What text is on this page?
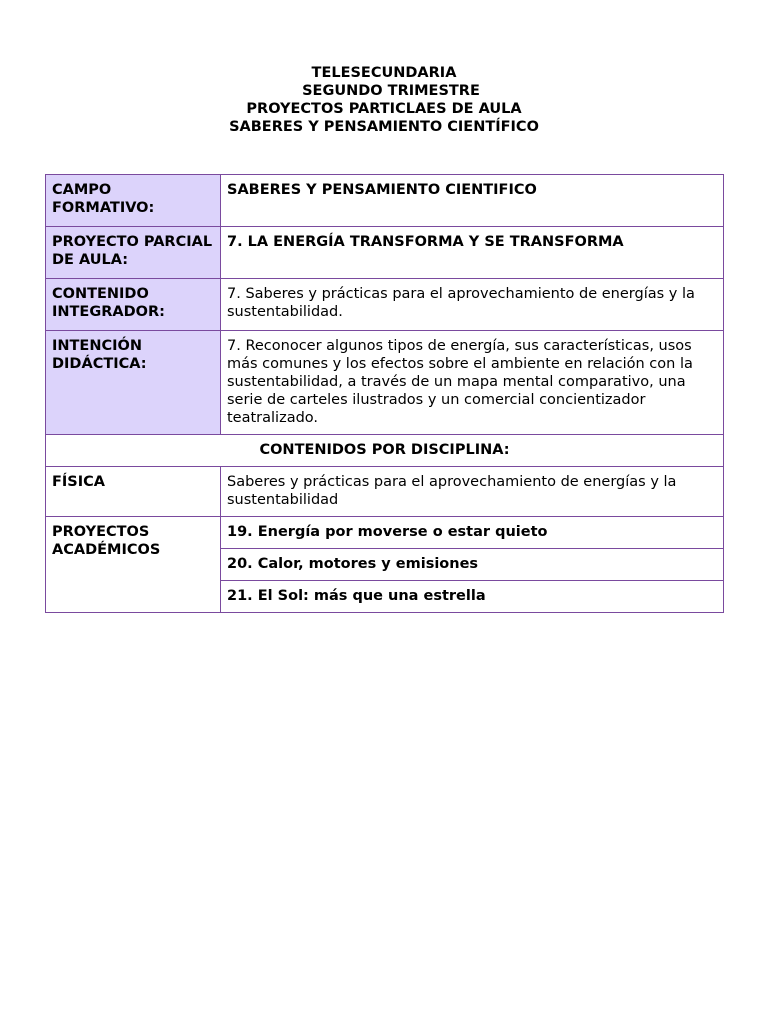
TELESECUNDARIA
SEGUNDO TRIMESTRE
PROYECTOS PARTICLAES DE AULA
SABERES Y PENSAMIENTO CIENTÍFICO
CAMPO FORMATIVO:	SABERES Y PENSAMIENTO CIENTIFICO
PROYECTO PARCIAL DE AULA:	7. LA ENERGÍA TRANSFORMA Y SE TRANSFORMA
CONTENIDO INTEGRADOR:	7. Saberes y prácticas para el aprovechamiento de energías y la sustentabilidad.
INTENCIÓN DIDÁCTICA:	7. Reconocer algunos tipos de energía, sus características, usos más comunes y los efectos sobre el ambiente en relación con la sustentabilidad, a través de un mapa mental comparativo, una serie de carteles ilustrados y un comercial concientizador teatralizado.
CONTENIDOS POR DISCIPLINA:	
FÍSICA	Saberes y prácticas para el aprovechamiento de energías y la sustentabilidad
PROYECTOS ACADÉMICOS	19. Energía por moverse o estar quieto
	20. Calor, motores y emisiones
	21. El Sol: más que una estrella
